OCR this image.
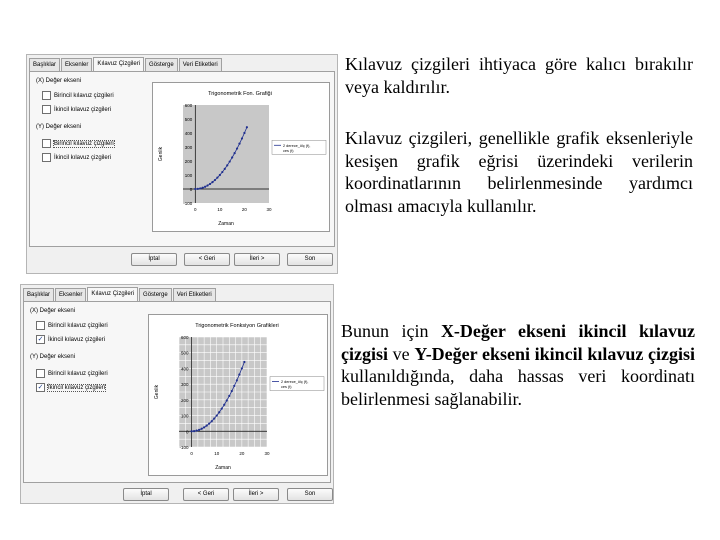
Başlıklar	Eksenler	Kılavuz Çizgileri	Gösterge	Veri Etiketleri
(X) Değer ekseni
Birincil kılavuz çizgileri
İkincil kılavuz çizgileri
(Y) Değer ekseni
Birincil kılavuz çizgileri
İkincil kılavuz çizgileri
Trigonometrik Fon. Grafiği
-100
0
100
200
300
400
500
600
0	10	20	30
Zaman
Genlik
2 derece_ölç (f),
ces (t)
İptal	< Geri	İleri >	Son
Başlıklar	Eksenler	Kılavuz Çizgileri	Gösterge	Veri Etiketleri
(X) Değer ekseni
Birincil kılavuz çizgileri
✓ İkincil kılavuz çizgileri
(Y) Değer ekseni
Birincil kılavuz çizgileri
✓ İkincil kılavuz çizgileri
Trigonometrik Fonksiyon Grafikleri
-100
0
100
200
300
400
500
600
0	10	20	30
Zaman
Genlik
2 derece_ölç (f),
ces (t)
İptal	< Geri	İleri >	Son
Kılavuz çizgileri ihtiyaca göre kalıcı bırakılır veya kaldırılır.
Kılavuz çizgileri, genellikle grafik eksenleriyle kesişen grafik eğrisi üzerindeki verilerin koordinatlarının belirlenmesinde yardımcı olması amacıyla kullanılır.
Bunun için X-Değer ekseni ikincil kılavuz çizgisi ve Y-Değer ekseni ikincil kılavuz çizgisi kullanıldığında, daha hassas veri koordinatı belirlenmesi sağlanabilir.
